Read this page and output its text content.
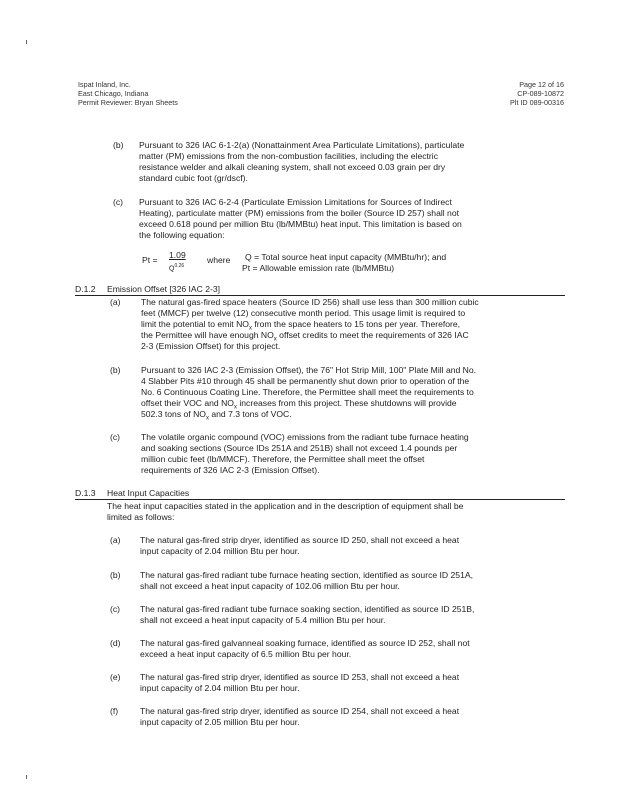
Ispat Inland, Inc.
East Chicago, Indiana
Permit Reviewer: Bryan Sheets
Page 12 of 16
CP-089-10872
Plt ID 089-00316
(b) Pursuant to 326 IAC 6-1-2(a) (Nonattainment Area Particulate Limitations), particulate
matter (PM) emissions from the non-combustion facilities, including the electric
resistance welder and alkali cleaning system, shall not exceed 0.03 grain per dry
standard cubic foot (gr/dscf).
(c) Pursuant to 326 IAC 6-2-4 (Particulate Emission Limitations for Sources of Indirect
Heating), particulate matter (PM) emissions from the boiler (Source ID 257) shall not
exceed 0.618 pound per million Btu (lb/MMBtu) heat input. This limitation is based on
the following equation:
Pt = 1.09
$Q^{0.26}$
where Q = Total source heat input capacity (MMBtu/hr); and
Pt = Allowable emission rate (lb/MMBtu)
D.1.2 Emission Offset [326 IAC 2-3]
(a) The natural gas-fired space heaters (Source ID 256) shall use less than 300 million cubic
feet (MMCF) per twelve (12) consecutive month period. This usage limit is required to
limit the potential to emit $NO_x$ from the space heaters to 15 tons per year. Therefore,
the Permittee will have enough $NO_x$ offset credits to meet the requirements of 326 IAC
2-3 (Emission Offset) for this project.
(b) Pursuant to 326 IAC 2-3 (Emission Offset), the 76" Hot Strip Mill, 100" Plate Mill and No.
4 Slabber Pits #10 through 45 shall be permanently shut down prior to operation of the
No. 6 Continuous Coating Line. Therefore, the Permittee shall meet the requirements to
offset their VOC and $NO_x$ increases from this project. These shutdowns will provide
502.3 tons of $NO_x$ and 7.3 tons of VOC.
(c) The volatile organic compound (VOC) emissions from the radiant tube furnace heating
and soaking sections (Source IDs 251A and 251B) shall not exceed 1.4 pounds per
million cubic feet (lb/MMCF). Therefore, the Permittee shall meet the offset
requirements of 326 IAC 2-3 (Emission Offset).
D.1.3 Heat Input Capacities
The heat input capacities stated in the application and in the description of equipment shall be
limited as follows:
(a) The natural gas-fired strip dryer, identified as source ID 250, shall not exceed a heat
input capacity of 2.04 million Btu per hour.
(b) The natural gas-fired radiant tube furnace heating section, identified as source ID 251A,
shall not exceed a heat input capacity of 102.06 million Btu per hour.
(c) The natural gas-fired radiant tube furnace soaking section, identified as source ID 251B,
shall not exceed a heat input capacity of 5.4 million Btu per hour.
(d) The natural gas-fired galvanneal soaking furnace, identified as source ID 252, shall not
exceed a heat input capacity of 6.5 million Btu per hour.
(e) The natural gas-fired strip dryer, identified as source ID 253, shall not exceed a heat
input capacity of 2.04 million Btu per hour.
(f)	The natural gas-fired strip dryer, identified as source ID 254, shall not exceed a heat
input capacity of 2.05 million Btu per hour.
